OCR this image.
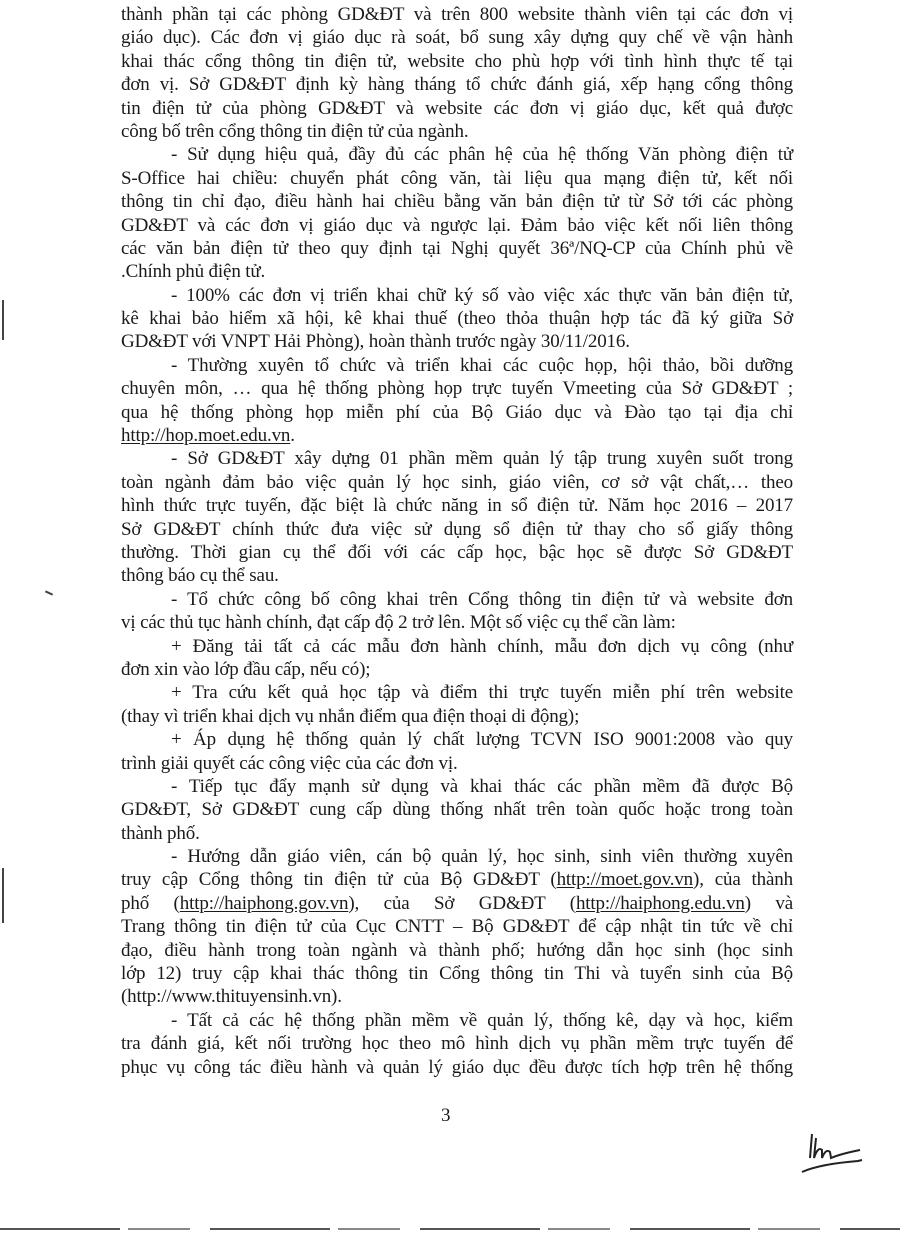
thành phần tại các phòng GD&ĐT và trên 800 website thành viên tại các đơn vị
giáo dục). Các đơn vị giáo dục rà soát, bổ sung xây dựng quy chế về vận hành
khai thác cổng thông tin điện tử, website cho phù hợp với tình hình thực tế tại
đơn vị. Sở GD&ĐT định kỳ hàng tháng tổ chức đánh giá, xếp hạng cổng thông
tin điện tử của phòng GD&ĐT và website các đơn vị giáo dục, kết quả được
công bố trên cổng thông tin điện tử của ngành.
- Sử dụng hiệu quả, đầy đủ các phân hệ của hệ thống Văn phòng điện tử
S-Office hai chiều: chuyển phát công văn, tài liệu qua mạng điện tử, kết nối
thông tin chỉ đạo, điều hành hai chiều bằng văn bản điện tử từ Sở tới các phòng
GD&ĐT và các đơn vị giáo dục và ngược lại. Đảm bảo việc kết nối liên thông
các văn bản điện tử theo quy định tại Nghị quyết 36ª/NQ-CP của Chính phủ về
.Chính phủ điện tử.
- 100% các đơn vị triển khai chữ ký số vào việc xác thực văn bản điện tử,
kê khai bảo hiểm xã hội, kê khai thuế (theo thỏa thuận hợp tác đã ký giữa Sở
GD&ĐT với VNPT Hải Phòng), hoàn thành trước ngày 30/11/2016.
- Thường xuyên tổ chức và triển khai các cuộc họp, hội thảo, bồi dưỡng
chuyên môn, … qua hệ thống phòng họp trực tuyến Vmeeting của Sở GD&ĐT ;
qua hệ thống phòng họp miễn phí của Bộ Giáo dục và Đào tạo tại địa chỉ
http://hop.moet.edu.vn.
- Sở GD&ĐT xây dựng 01 phần mềm quản lý tập trung xuyên suốt trong
toàn ngành đảm bảo việc quản lý học sinh, giáo viên, cơ sở vật chất,… theo
hình thức trực tuyến, đặc biệt là chức năng in sổ điện tử. Năm học 2016 – 2017
Sở GD&ĐT chính thức đưa việc sử dụng sổ điện tử thay cho sổ giấy thông
thường. Thời gian cụ thể đối với các cấp học, bậc học sẽ được Sở GD&ĐT
thông báo cụ thể sau.
- Tổ chức công bố công khai trên Cổng thông tin điện tử và website đơn
vị các thủ tục hành chính, đạt cấp độ 2 trở lên. Một số việc cụ thể cần làm:
+ Đăng tải tất cả các mẫu đơn hành chính, mẫu đơn dịch vụ công (như
đơn xin vào lớp đầu cấp, nếu có);
+ Tra cứu kết quả học tập và điểm thi trực tuyến miễn phí trên website
(thay vì triển khai dịch vụ nhắn điểm qua điện thoại di động);
+ Áp dụng hệ thống quản lý chất lượng TCVN ISO 9001:2008 vào quy
trình giải quyết các công việc của các đơn vị.
- Tiếp tục đẩy mạnh sử dụng và khai thác các phần mềm đã được Bộ
GD&ĐT, Sở GD&ĐT cung cấp dùng thống nhất trên toàn quốc hoặc trong toàn
thành phố.
- Hướng dẫn giáo viên, cán bộ quản lý, học sinh, sinh viên thường xuyên
truy cập Cổng thông tin điện tử của Bộ GD&ĐT (http://moet.gov.vn), của thành
phố (http://haiphong.gov.vn), của Sở GD&ĐT (http://haiphong.edu.vn) và
Trang thông tin điện tử của Cục CNTT – Bộ GD&ĐT để cập nhật tin tức về chỉ
đạo, điều hành trong toàn ngành và thành phố; hướng dẫn học sinh (học sinh
lớp 12) truy cập khai thác thông tin Cổng thông tin Thi và tuyển sinh của Bộ
(http://www.thituyensinh.vn).
- Tất cả các hệ thống phần mềm về quản lý, thống kê, dạy và học, kiểm
tra đánh giá, kết nối trường học theo mô hình dịch vụ phần mềm trực tuyến để
phục vụ công tác điều hành và quản lý giáo dục đều được tích hợp trên hệ thống
3
